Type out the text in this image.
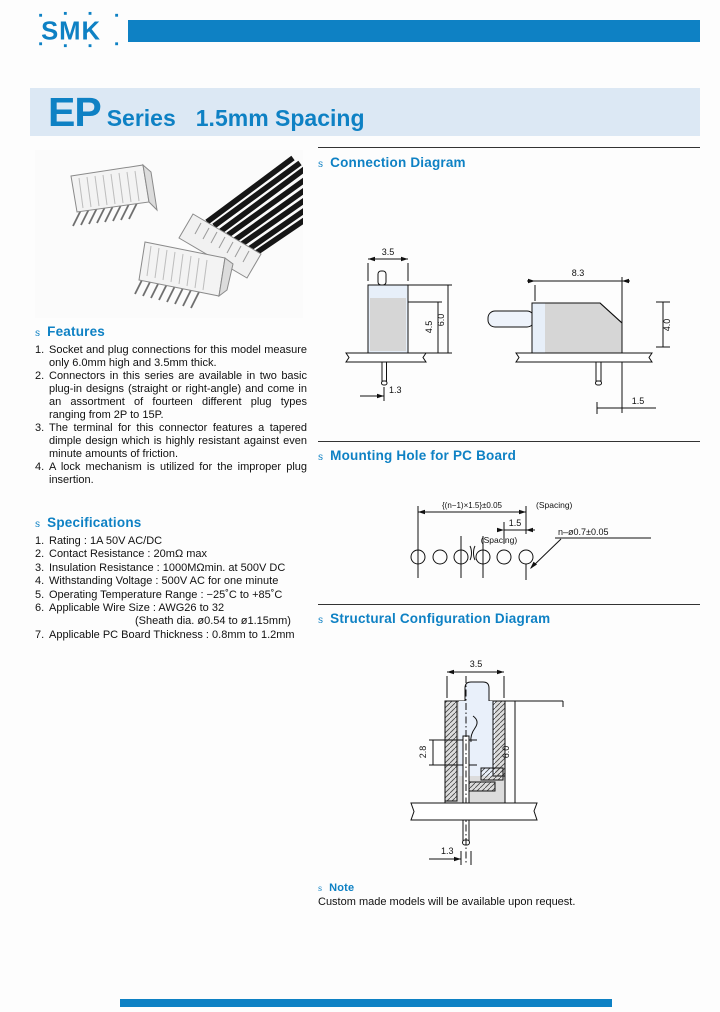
SMK
EP Series 1.5mm Spacing
s Features
1. Socket and plug connections for this model measure only 6.0mm high and 3.5mm thick.
2. Connectors in this series are available in two basic plug-in designs (straight or right-angle) and come in an assortment of fourteen different plug types ranging from 2P to 15P.
3. The terminal for this connector features a tapered dimple design which is highly resistant against even minute amounts of friction.
4. A lock mechanism is utilized for the improper plug insertion.
s Specifications
1. Rating : 1A 50V AC/DC
2. Contact Resistance : 20mΩ max
3. Insulation Resistance : 1000MΩmin. at 500V DC
4. Withstanding Voltage : 500V AC for one minute
5. Operating Temperature Range : −25˚C to +85˚C
6. Applicable Wire Size : AWG26 to 32
(Sheath dia. ø0.54 to ø1.15mm)
7. Applicable PC Board Thickness : 0.8mm to 1.2mm
s Connection Diagram
3.5
4.5
6.0
1.3
8.3
4.0
1.5
s Mounting Hole for PC Board
{(n−1)×1.5}±0.05	(Spacing)
1.5
(Spacing)
n–ø0.7±0.05
s Structural Configuration Diagram
3.5
2.8	6.0
1.3
s Note
Custom made models will be available upon request.
